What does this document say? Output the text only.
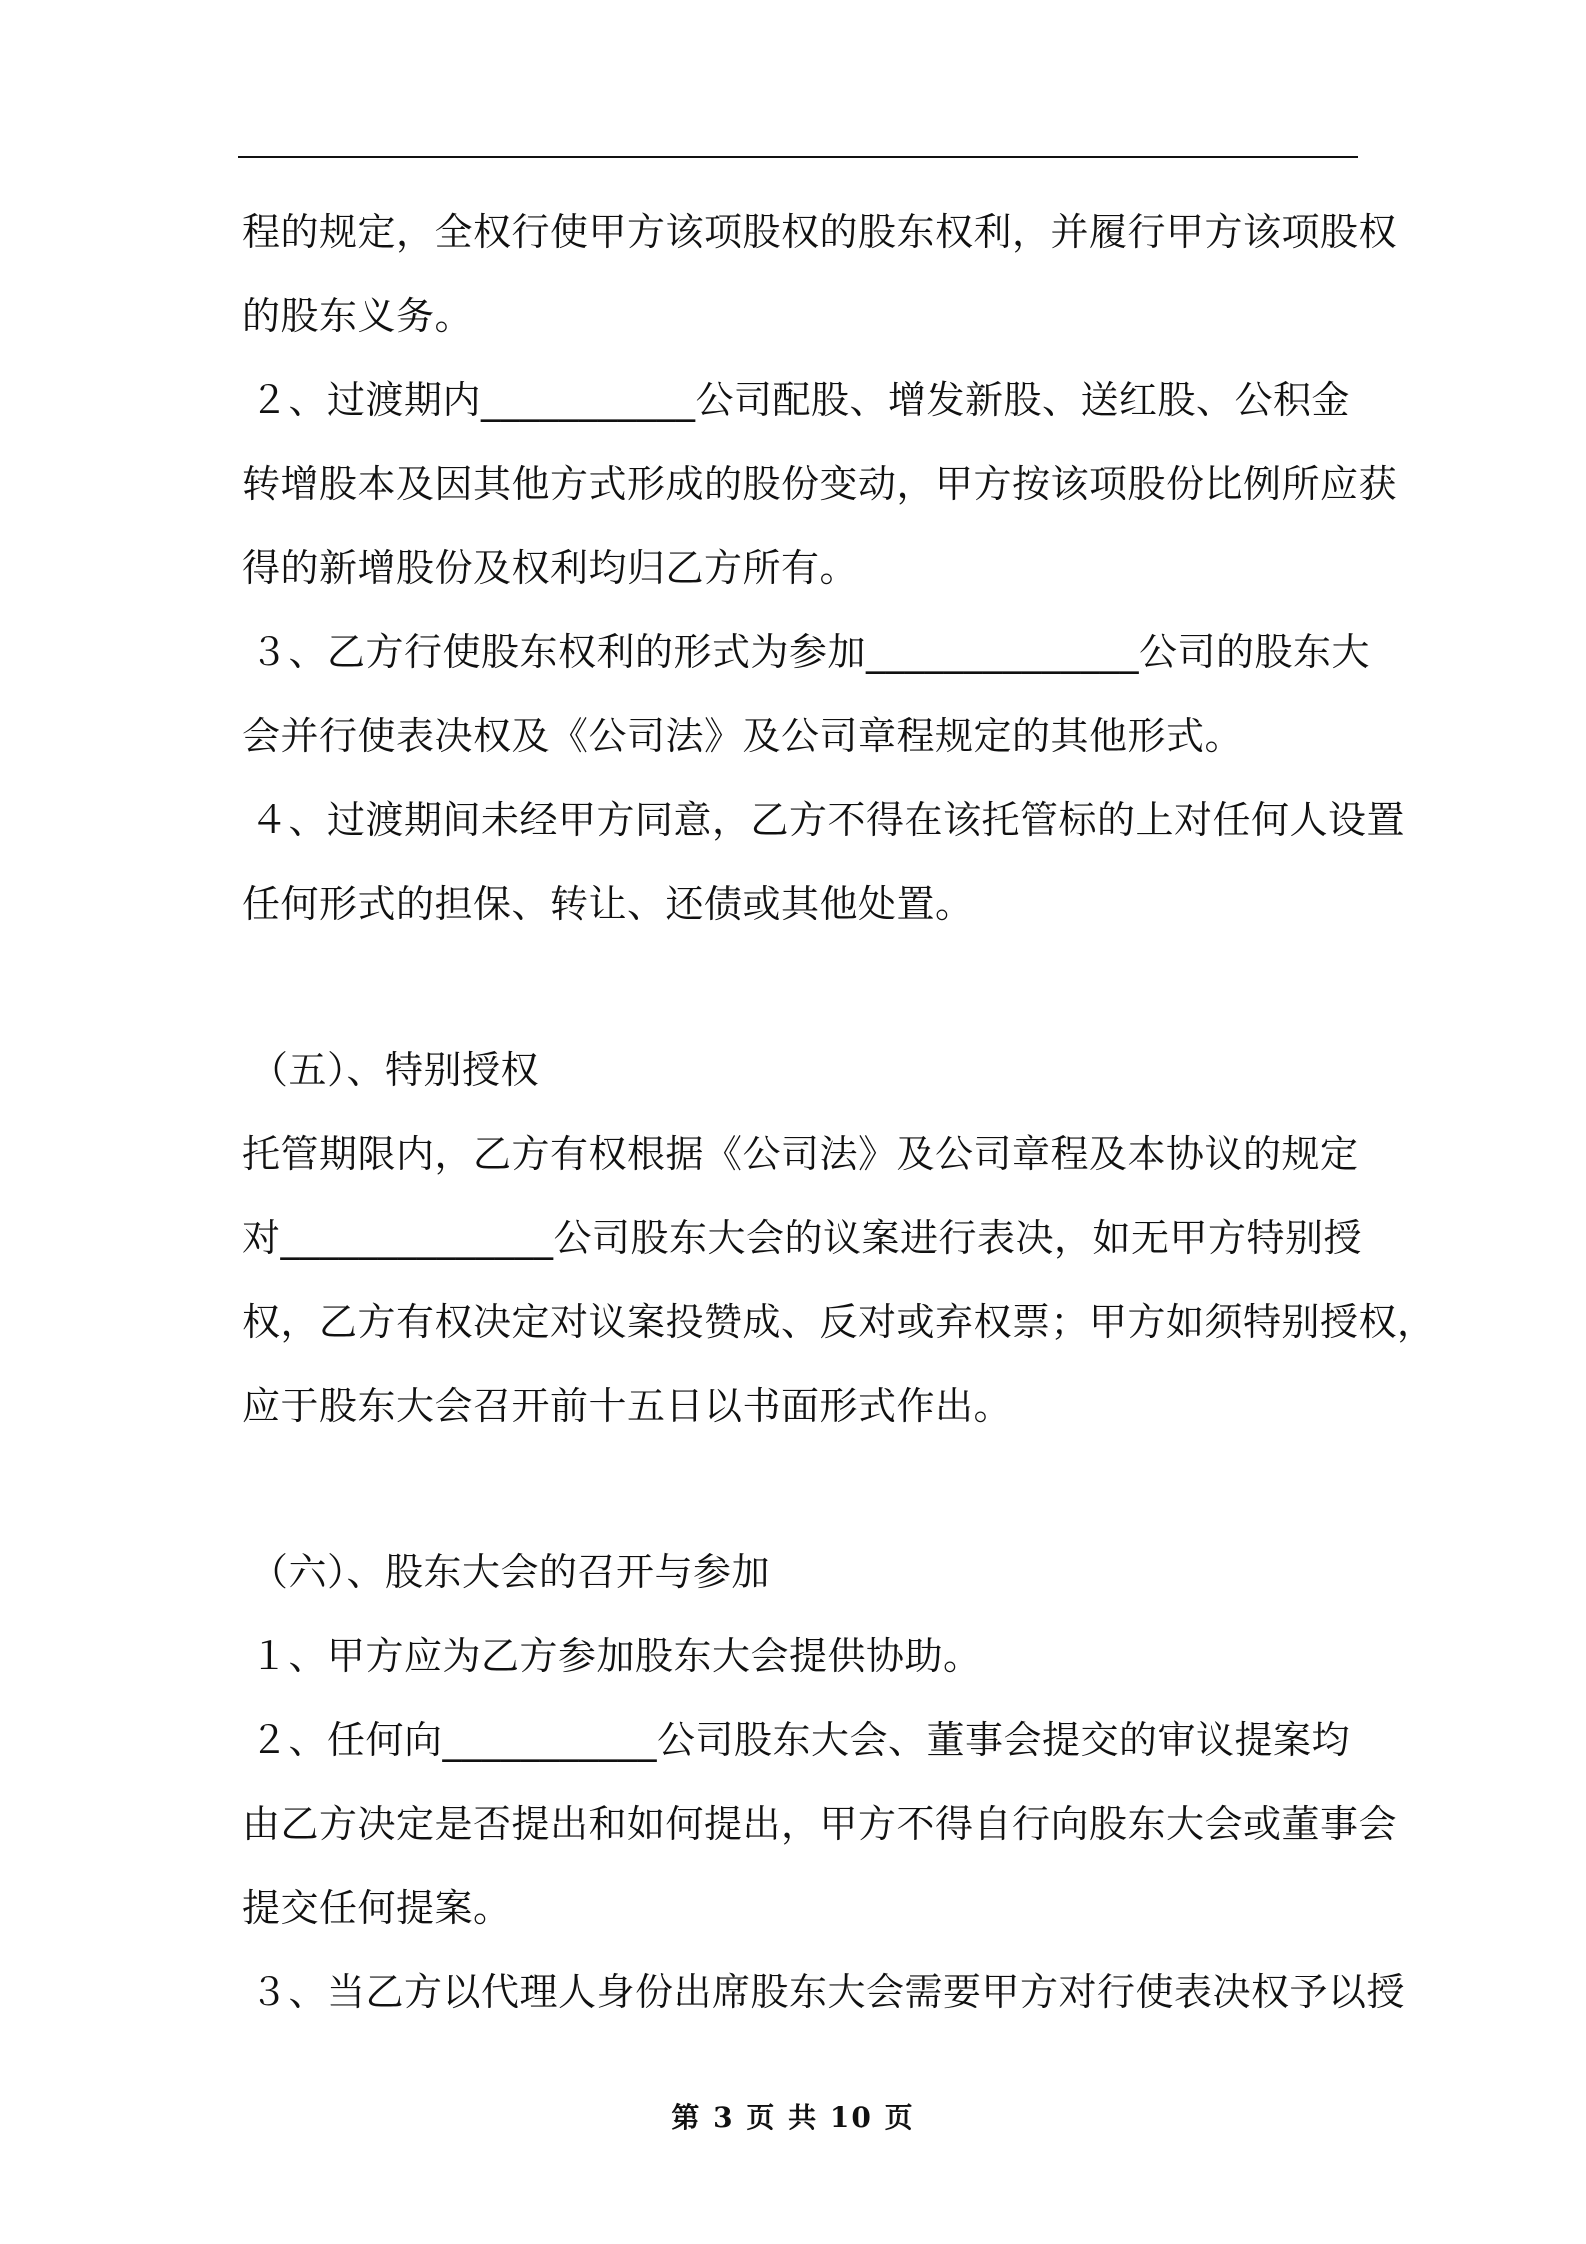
程的规定，全权行使甲方该项股权的股东权利，并履行甲方该项股权
的股东义务。
２、过渡期内___________公司配股、增发新股、送红股、公积金
转增股本及因其他方式形成的股份变动，甲方按该项股份比例所应获
得的新增股份及权利均归乙方所有。
３、乙方行使股东权利的形式为参加______________公司的股东大
会并行使表决权及《公司法》及公司章程规定的其他形式。
４、过渡期间未经甲方同意，乙方不得在该托管标的上对任何人设置
任何形式的担保、转让、还债或其他处置。
（五）、特别授权
托管期限内，乙方有权根据《公司法》及公司章程及本协议的规定
对______________公司股东大会的议案进行表决，如无甲方特别授
权，乙方有权决定对议案投赞成、反对或弃权票；甲方如须特别授权，
应于股东大会召开前十五日以书面形式作出。
（六）、股东大会的召开与参加
１、甲方应为乙方参加股东大会提供协助。
２、任何向___________公司股东大会、董事会提交的审议提案均
由乙方决定是否提出和如何提出，甲方不得自行向股东大会或董事会
提交任何提案。
３、当乙方以代理人身份出席股东大会需要甲方对行使表决权予以授
第 3 页 共 10 页
